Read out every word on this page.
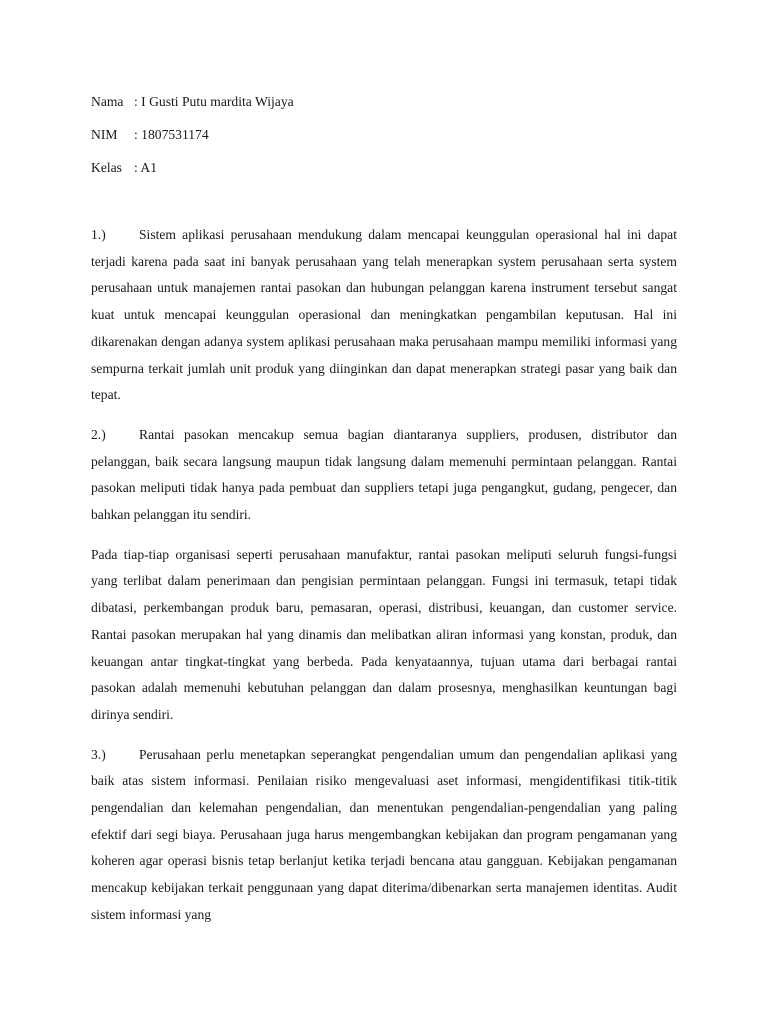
Nama : I Gusti Putu mardita Wijaya
NIM : 1807531174
Kelas : A1

1.) Sistem aplikasi perusahaan mendukung dalam mencapai keunggulan operasional hal ini dapat terjadi karena pada saat ini banyak perusahaan yang telah menerapkan system perusahaan serta system perusahaan untuk manajemen rantai pasokan dan hubungan pelanggan karena instrument tersebut sangat kuat untuk mencapai keunggulan operasional dan meningkatkan pengambilan keputusan. Hal ini dikarenakan dengan adanya system aplikasi perusahaan maka perusahaan mampu memiliki informasi yang sempurna terkait jumlah unit produk yang diinginkan dan dapat menerapkan strategi pasar yang baik dan tepat.

2.) Rantai pasokan mencakup semua bagian diantaranya suppliers, produsen, distributor dan pelanggan, baik secara langsung maupun tidak langsung dalam memenuhi permintaan pelanggan. Rantai pasokan meliputi tidak hanya pada pembuat dan suppliers tetapi juga pengangkut, gudang, pengecer, dan bahkan pelanggan itu sendiri.

Pada tiap-tiap organisasi seperti perusahaan manufaktur, rantai pasokan meliputi seluruh fungsi-fungsi yang terlibat dalam penerimaan dan pengisian permintaan pelanggan. Fungsi ini termasuk, tetapi tidak dibatasi, perkembangan produk baru, pemasaran, operasi, distribusi, keuangan, dan customer service. Rantai pasokan merupakan hal yang dinamis dan melibatkan aliran informasi yang konstan, produk, dan keuangan antar tingkat-tingkat yang berbeda. Pada kenyataannya, tujuan utama dari berbagai rantai pasokan adalah memenuhi kebutuhan pelanggan dan dalam prosesnya, menghasilkan keuntungan bagi dirinya sendiri.

3.) Perusahaan perlu menetapkan seperangkat pengendalian umum dan pengendalian aplikasi yang baik atas sistem informasi. Penilaian risiko mengevaluasi aset informasi, mengidentifikasi titik-titik pengendalian dan kelemahan pengendalian, dan menentukan pengendalian-pengendalian yang paling efektif dari segi biaya. Perusahaan juga harus mengembangkan kebijakan dan program pengamanan yang koheren agar operasi bisnis tetap berlanjut ketika terjadi bencana atau gangguan. Kebijakan pengamanan mencakup kebijakan terkait penggunaan yang dapat diterima/dibenarkan serta manajemen identitas. Audit sistem informasi yang
